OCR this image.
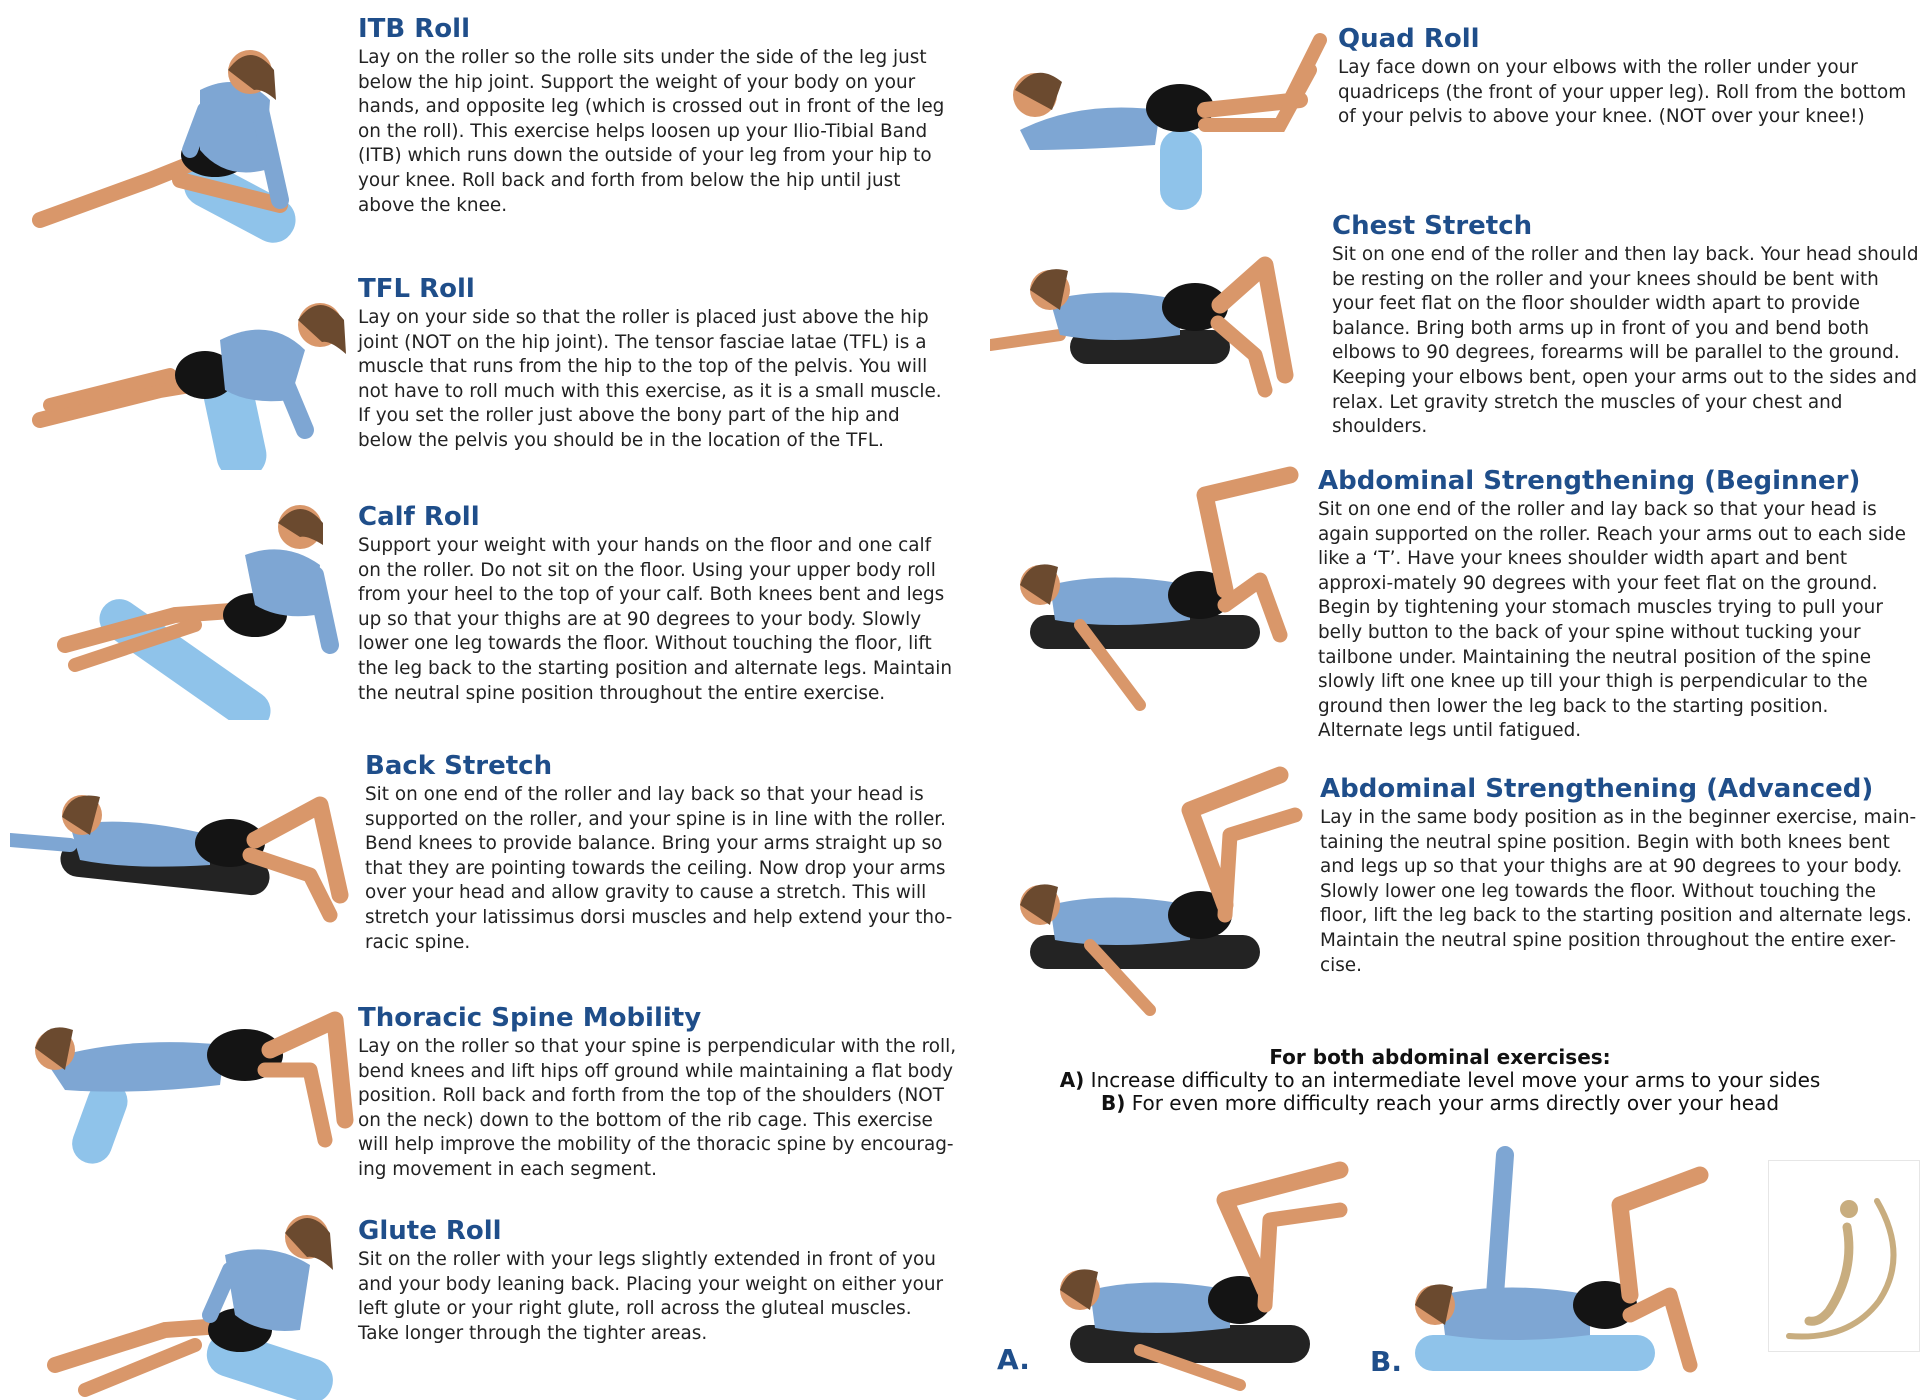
ITB Roll

Lay on the roller so the rolle sits under the side of the leg just below the hip joint. Support the weight of your body on your hands, and opposite leg (which is crossed out in front of the leg on the roll). This exercise helps loosen up your Ilio-Tibial Band (ITB) which runs down the outside of your leg from your hip to your knee. Roll back and forth from below the hip until just above the knee.

TFL Roll

Lay on your side so that the roller is placed just above the hip joint (NOT on the hip joint). The tensor fasciae latae (TFL) is a muscle that runs from the hip to the top of the pelvis. You will not have to roll much with this exercise, as it is a small muscle. If you set the roller just above the bony part of the hip and below the pelvis you should be in the location of the TFL.

Calf Roll

Support your weight with your hands on the floor and one calf on the roller. Do not sit on the floor. Using your upper body roll from your heel to the top of your calf. Both knees bent and legs up so that your thighs are at 90 degrees to your body. Slowly lower one leg towards the floor. Without touching the floor, lift the leg back to the starting position and alternate legs. Maintain the neutral spine position throughout the entire exercise.

Back Stretch

Sit on one end of the roller and lay back so that your head is supported on the roller, and your spine is in line with the roller. Bend knees to provide balance. Bring your arms straight up so that they are pointing towards the ceiling. Now drop your arms over your head and allow gravity to cause a stretch. This will stretch your latissimus dorsi muscles and help extend your tho-racic spine.

Thoracic Spine Mobility

Lay on the roller so that your spine is perpendicular with the roll, bend knees and lift hips off ground while maintaining a flat body position. Roll back and forth from the top of the shoulders (NOT on the neck) down to the bottom of the rib cage. This exercise will help improve the mobility of the thoracic spine by encourag-ing movement in each segment.

Glute Roll

Sit on the roller with your legs slightly extended in front of you and your body leaning back. Placing your weight on either your left glute or your right glute, roll across the gluteal muscles. Take longer through the tighter areas.

Quad Roll

Lay face down on your elbows with the roller under your quadriceps (the front of your upper leg). Roll from the bottom of your pelvis to above your knee. (NOT over your knee!)

Chest Stretch

Sit on one end of the roller and then lay back. Your head should be resting on the roller and your knees should be bent with your feet flat on the floor shoulder width apart to provide balance. Bring both arms up in front of you and bend both elbows to 90 degrees, forearms will be parallel to the ground. Keeping your elbows bent, open your arms out to the sides and relax. Let gravity stretch the muscles of your chest and shoulders.

Abdominal Strengthening (Beginner)

Sit on one end of the roller and lay back so that your head is again supported on the roller. Reach your arms out to each side like a ‘T’. Have your knees shoulder width apart and bent approxi-mately 90 degrees with your feet flat on the ground. Begin by tightening your stomach muscles trying to pull your belly button to the back of your spine without tucking your tailbone under. Maintaining the neutral position of the spine slowly lift one knee up till your thigh is perpendicular to the ground then lower the leg back to the starting position. Alternate legs until fatigued.

Abdominal Strengthening (Advanced)

Lay in the same body position as in the beginner exercise, main-taining the neutral spine position. Begin with both knees bent and legs up so that your thighs are at 90 degrees to your body. Slowly lower one leg towards the floor. Without touching the floor, lift the leg back to the starting position and alternate legs. Maintain the neutral spine position throughout the entire exer-cise.

For both abdominal exercises:
A) Increase difficulty to an intermediate level move your arms to your sides
B) For even more difficulty reach your arms directly over your head
A.	B.
